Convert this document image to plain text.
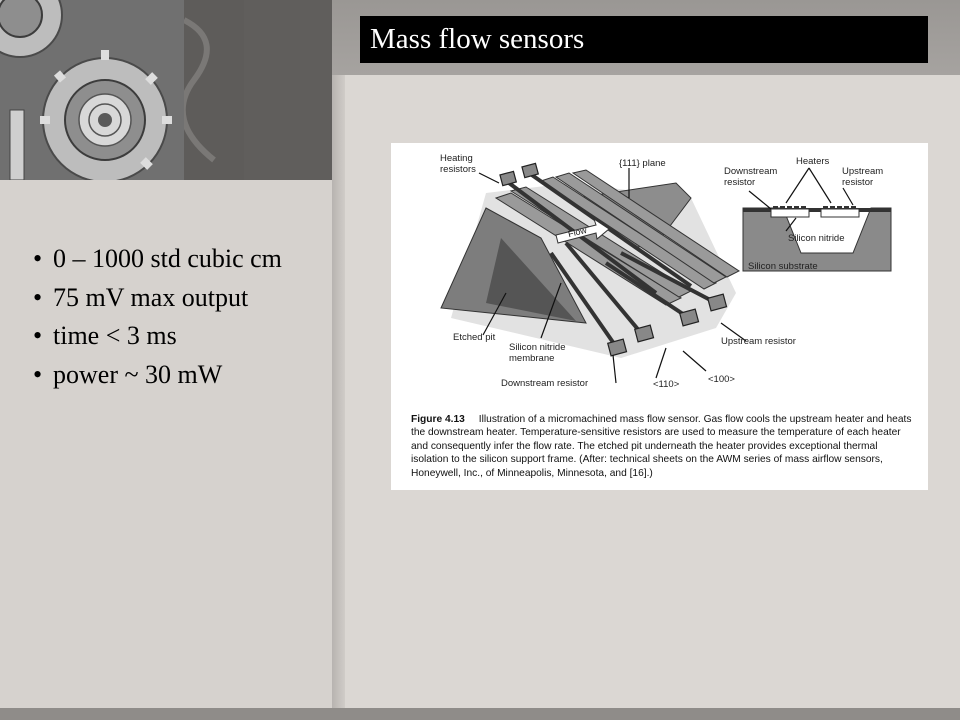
Mass flow sensors
• 0 – 1000 std cubic cm
• 75 mV max output
• time < 3 ms
• power ~ 30 mW
Heating
resistors
{111} plane	Heaters
Downstream
resistor
Upstream
resistor
Flow	Silicon nitride
Silicon substrate
Etched pit
Silicon nitride
membrane
Upstream resistor
Downstream resistor	<110>	<100>
Figure 4.13 Illustration of a micromachined mass flow sensor. Gas flow cools the upstream heater and heats the downstream heater. Temperature-sensitive resistors are used to measure the temperature of each heater and consequently infer the flow rate. The etched pit underneath the heater provides exceptional thermal isolation to the silicon support frame. (After: technical sheets on the AWM series of mass airflow sensors, Honeywell, Inc., of Minneapolis, Minnesota, and [16].)
